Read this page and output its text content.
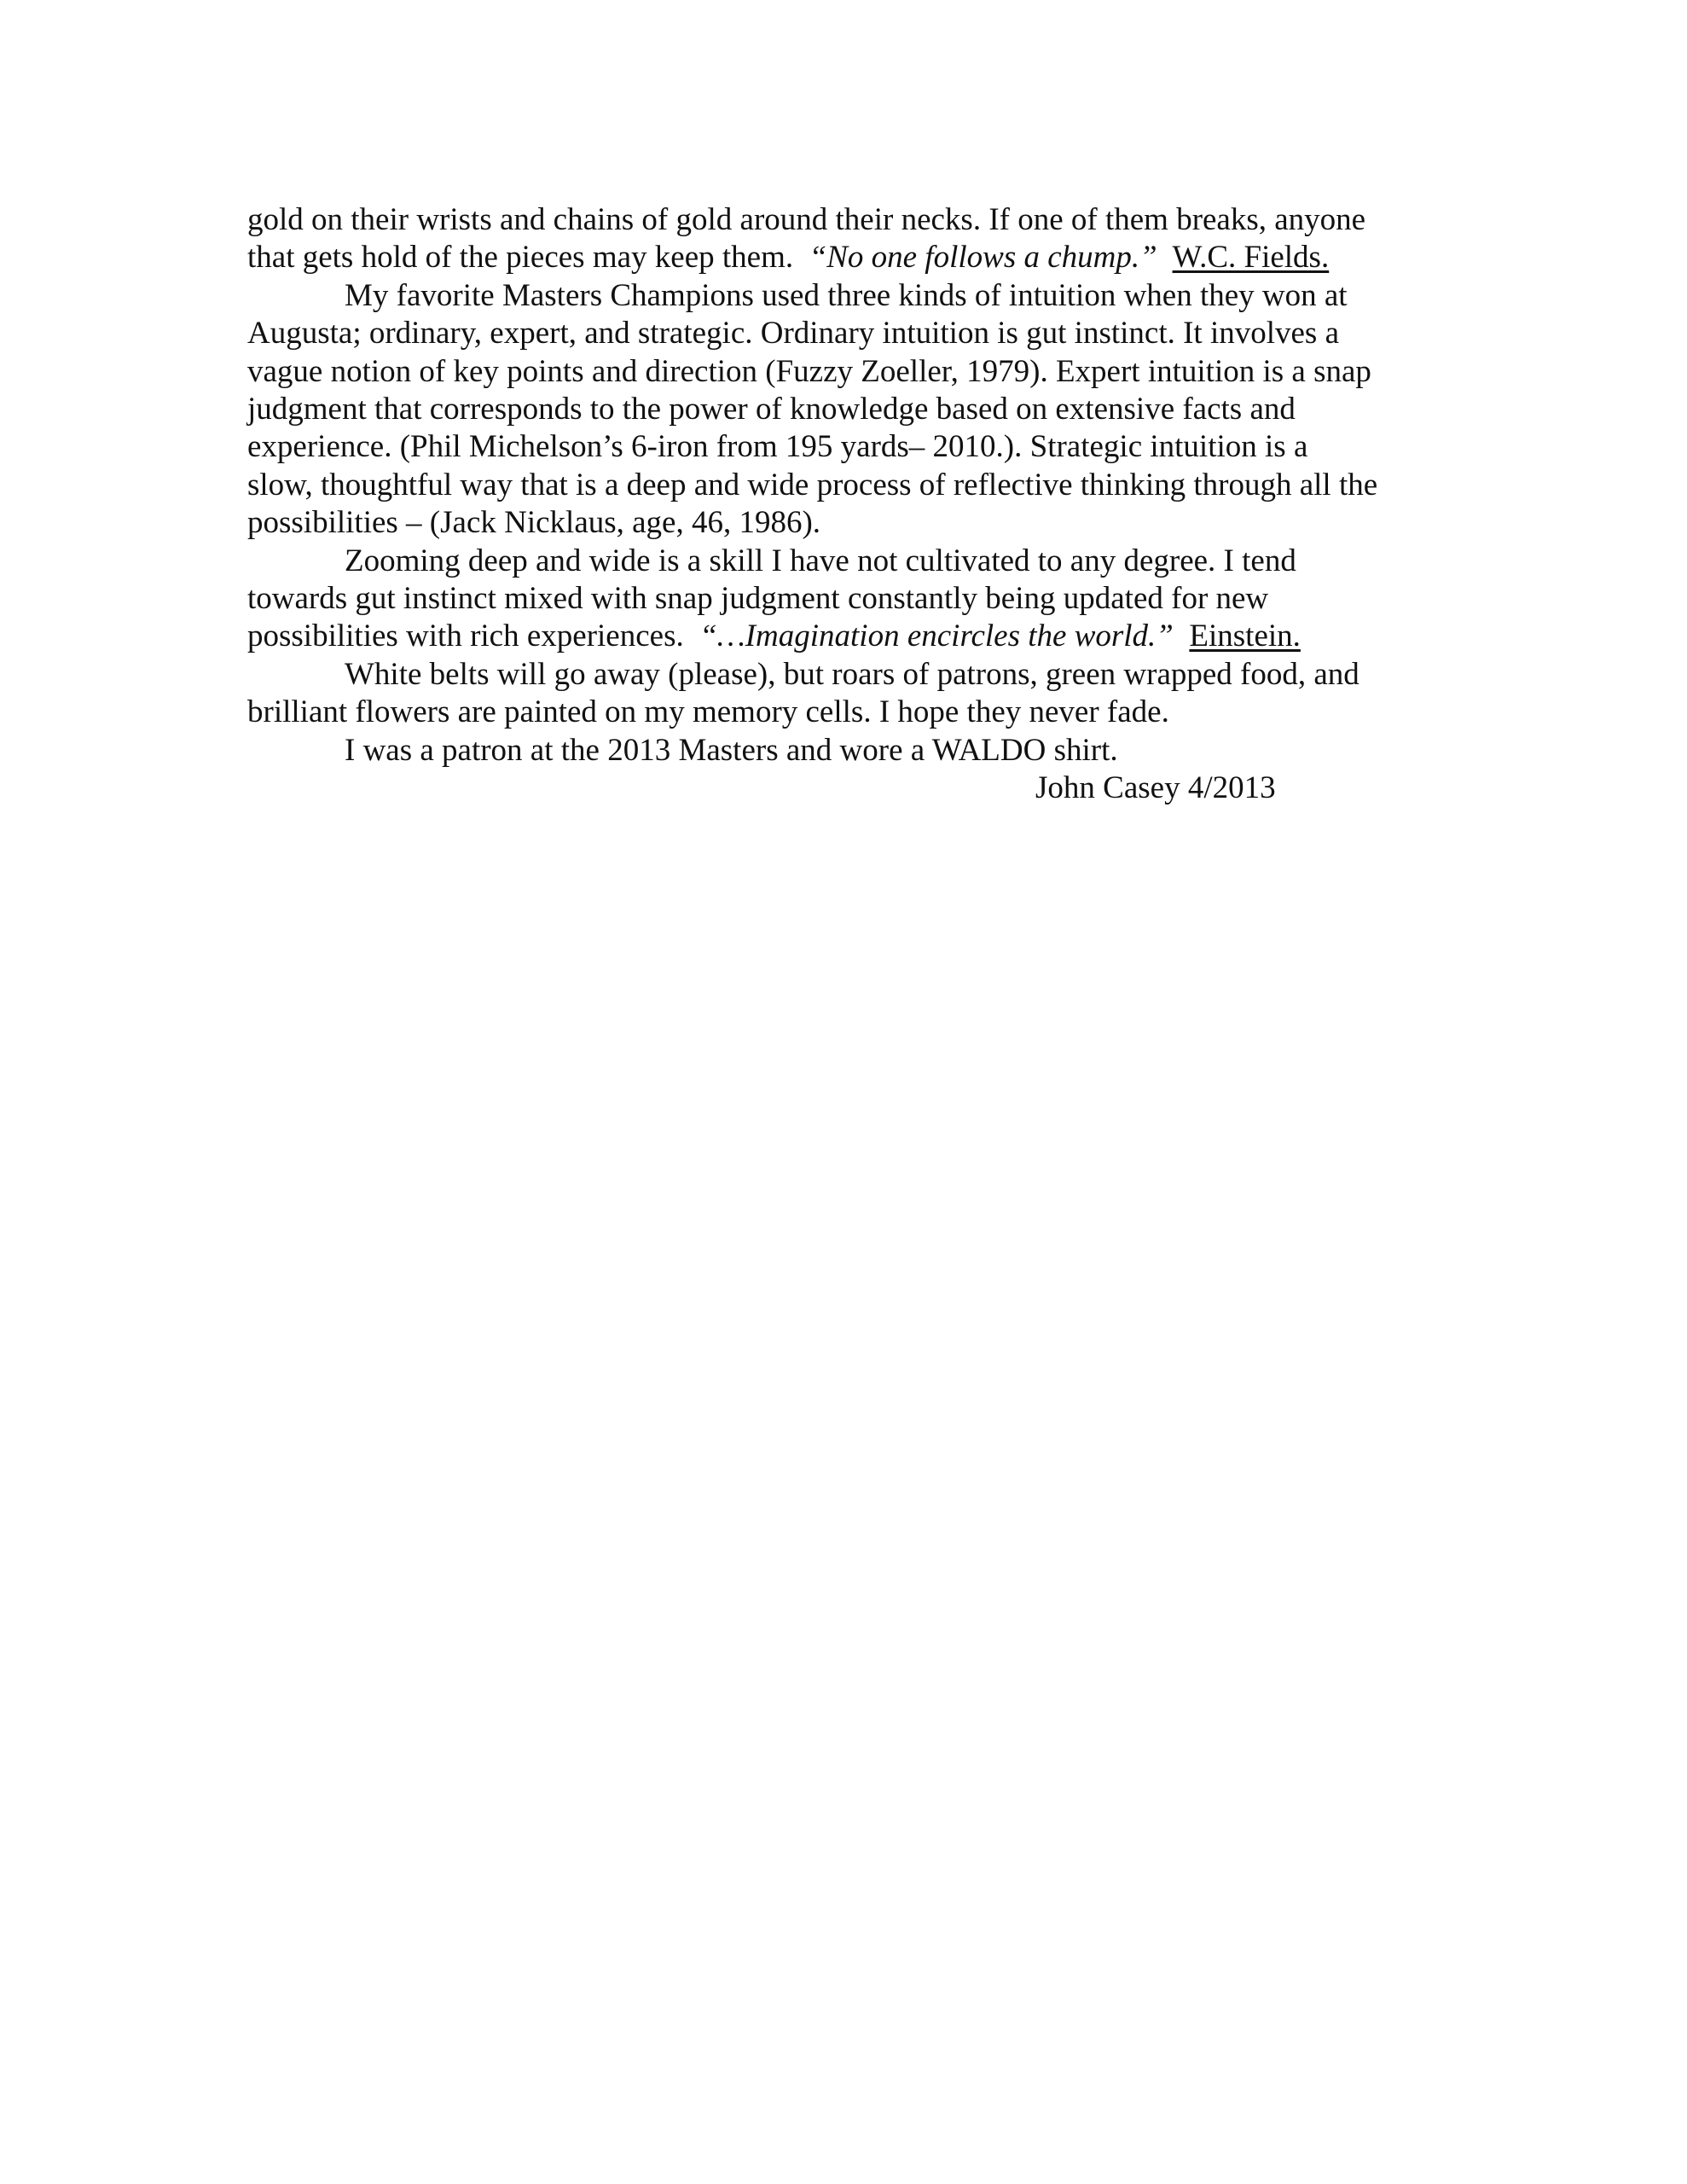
gold on their wrists and chains of gold around their necks. If one of them breaks, anyone
that gets hold of the pieces may keep them. “No one follows a chump.” W.C. Fields.
My favorite Masters Champions used three kinds of intuition when they won at
Augusta; ordinary, expert, and strategic. Ordinary intuition is gut instinct. It involves a
vague notion of key points and direction (Fuzzy Zoeller, 1979). Expert intuition is a snap
judgment that corresponds to the power of knowledge based on extensive facts and
experience. (Phil Michelson’s 6-iron from 195 yards– 2010.). Strategic intuition is a
slow, thoughtful way that is a deep and wide process of reflective thinking through all the
possibilities – (Jack Nicklaus, age, 46, 1986).
Zooming deep and wide is a skill I have not cultivated to any degree. I tend
towards gut instinct mixed with snap judgment constantly being updated for new
possibilities with rich experiences. “…Imagination encircles the world.” Einstein.
White belts will go away (please), but roars of patrons, green wrapped food, and
brilliant flowers are painted on my memory cells. I hope they never fade.
I was a patron at the 2013 Masters and wore a WALDO shirt.
John Casey 4/2013
